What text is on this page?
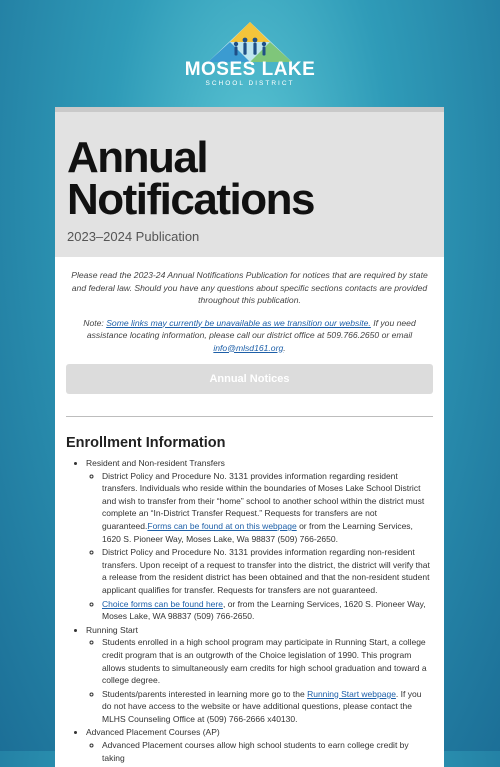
MOSES LAKE
SCHOOL DISTRICT
Annual
Notifications
2023–2024 Publication

Please read the 2023-24 Annual Notifications Publication for notices that are required by state and federal law. Should you have any questions about specific sections contacts are provided throughout this publication.

Note: Some links may currently be unavailable as we transition our website. If you need assistance locating information, please call our district office at 509.766.2650 or email info@mlsd161.org.

Annual Notices
Enrollment Information
• Resident and Non-resident Transfers
◦ District Policy and Procedure No. 3131 provides information regarding resident transfers. Individuals who reside within the boundaries of Moses Lake School District and wish to transfer from their “home” school to another school within the district must complete an “In-District Transfer Request.” Requests for transfers are not guaranteed.Forms can be found at on this webpage or from the Learning Services, 1620 S. Pioneer Way, Moses Lake, Wa 98837 (509) 766-2650.
◦ District Policy and Procedure No. 3131 provides information regarding non-resident transfers. Upon receipt of a request to transfer into the district, the district will verify that a release from the resident district has been obtained and that the non-resident student applicant qualifies for transfer. Requests for transfers are not guaranteed.
◦ Choice forms can be found here, or from the Learning Services, 1620 S. Pioneer Way, Moses Lake, WA 98837 (509) 766-2650.
• Running Start
◦ Students enrolled in a high school program may participate in Running Start, a college credit program that is an outgrowth of the Choice legislation of 1990. This program allows students to simultaneously earn credits for high school graduation and toward a college degree.
◦ Students/parents interested in learning more go to the Running Start webpage. If you do not have access to the website or have additional questions, please contact the MLHS Counseling Office at (509) 766-2666 x40130.
• Advanced Placement Courses (AP)
◦ Advanced Placement courses allow high school students to earn college credit by taking
